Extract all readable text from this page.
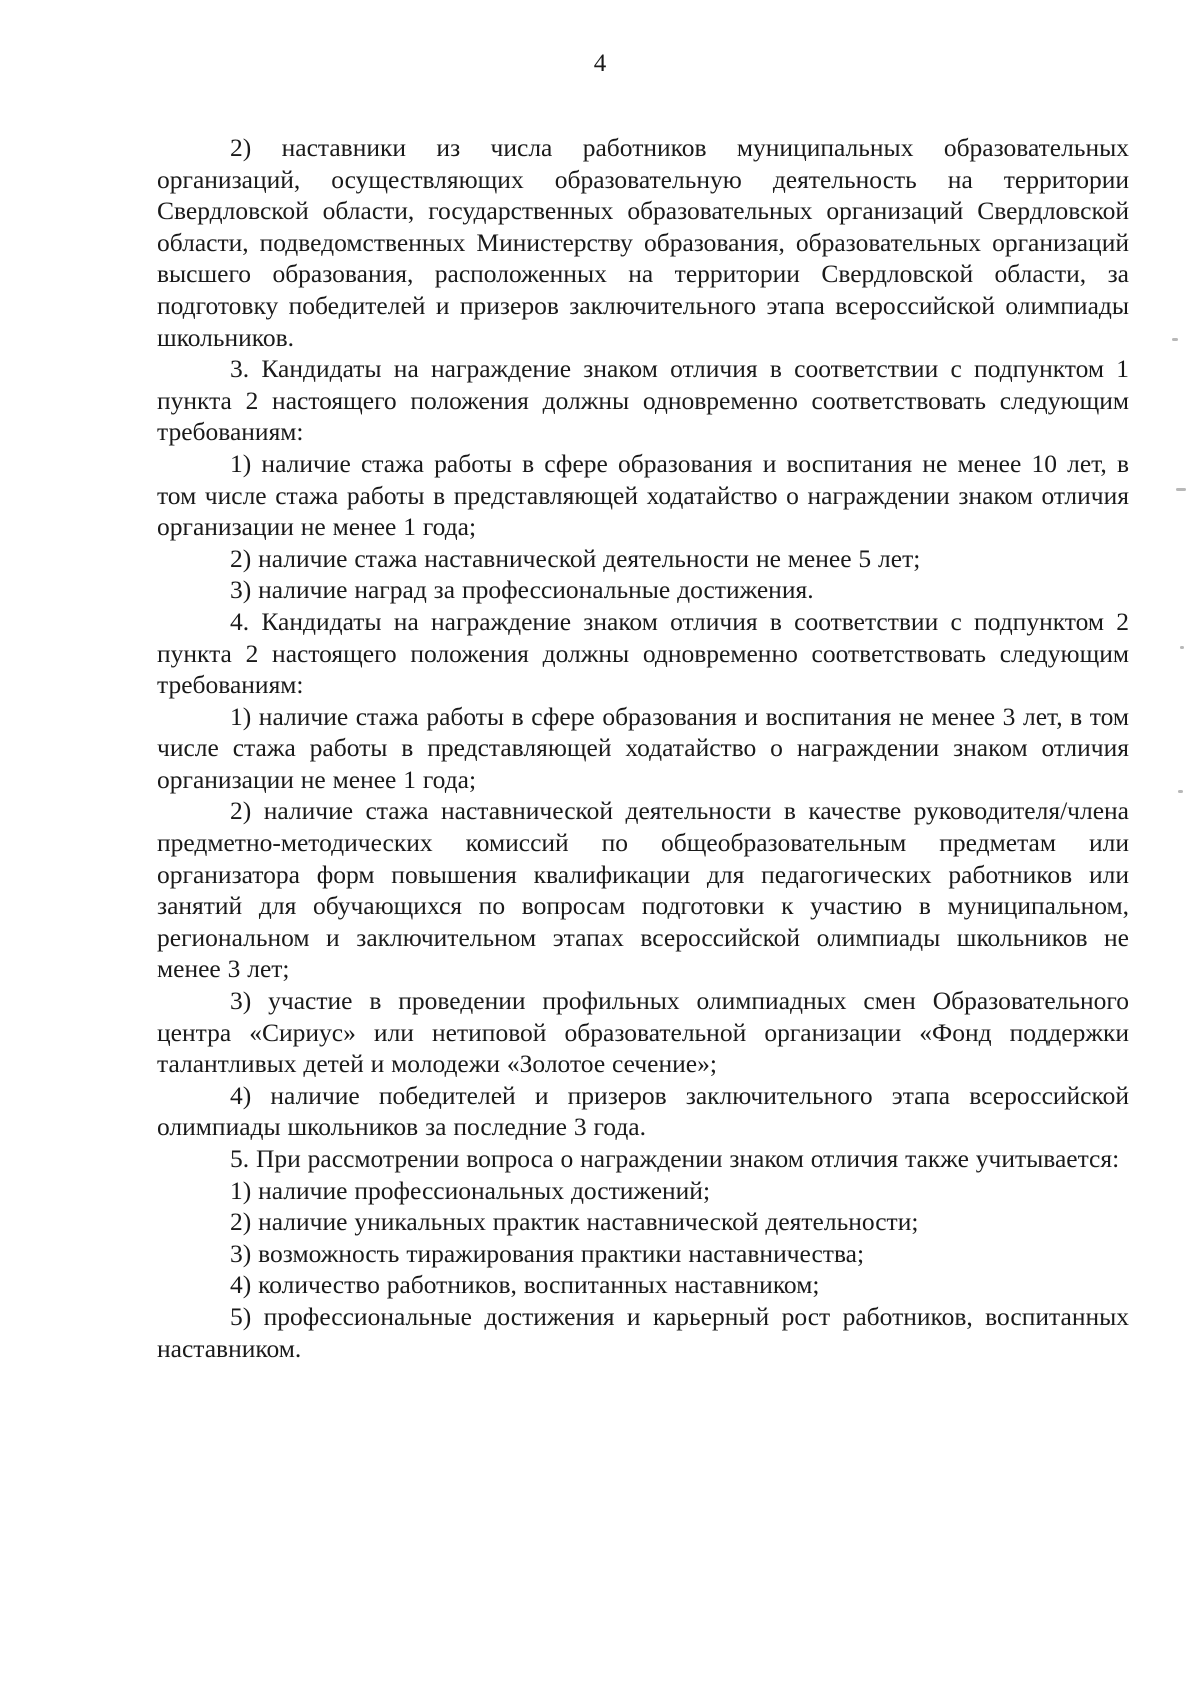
4

2) наставники из числа работников муниципальных образовательных организаций, осуществляющих образовательную деятельность на территории Свердловской области, государственных образовательных организаций Свердловской области, подведомственных Министерству образования, образовательных организаций высшего образования, расположенных на территории Свердловской области, за подготовку победителей и призеров заключительного этапа всероссийской олимпиады школьников.

3. Кандидаты на награждение знаком отличия в соответствии с подпунктом 1 пункта 2 настоящего положения должны одновременно соответствовать следующим требованиям:

1) наличие стажа работы в сфере образования и воспитания не менее 10 лет, в том числе стажа работы в представляющей ходатайство о награждении знаком отличия организации не менее 1 года;

2) наличие стажа наставнической деятельности не менее 5 лет;

3) наличие наград за профессиональные достижения.

4. Кандидаты на награждение знаком отличия в соответствии с подпунктом 2 пункта 2 настоящего положения должны одновременно соответствовать следующим требованиям:

1) наличие стажа работы в сфере образования и воспитания не менее 3 лет, в том числе стажа работы в представляющей ходатайство о награждении знаком отличия организации не менее 1 года;

2) наличие стажа наставнической деятельности в качестве руководителя/члена предметно-методических комиссий по общеобразовательным предметам или организатора форм повышения квалификации для педагогических работников или занятий для обучающихся по вопросам подготовки к участию в муниципальном, региональном и заключительном этапах всероссийской олимпиады школьников не менее 3 лет;

3) участие в проведении профильных олимпиадных смен Образовательного центра «Сириус» или нетиповой образовательной организации «Фонд поддержки талантливых детей и молодежи «Золотое сечение»;

4) наличие победителей и призеров заключительного этапа всероссийской олимпиады школьников за последние 3 года.

5. При рассмотрении вопроса о награждении знаком отличия также учитывается:

1) наличие профессиональных достижений;

2) наличие уникальных практик наставнической деятельности;

3) возможность тиражирования практики наставничества;

4) количество работников, воспитанных наставником;

5) профессиональные достижения и карьерный рост работников, воспитанных наставником.
